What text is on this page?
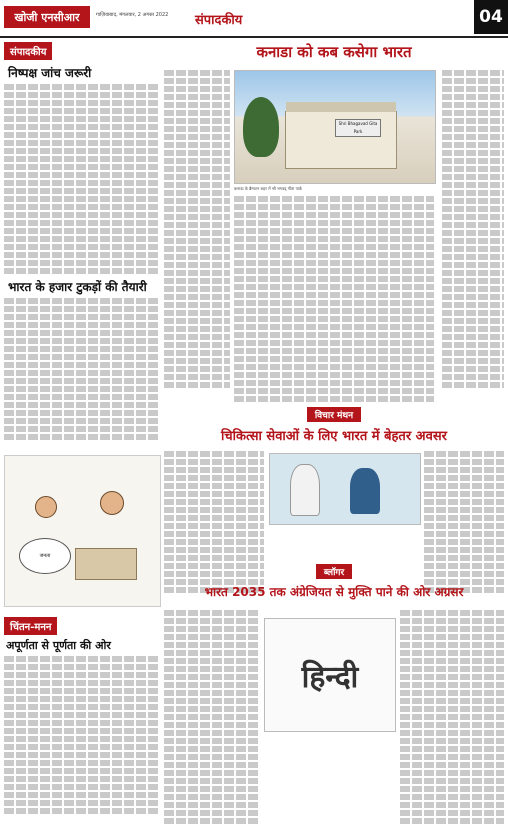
खोजी एनसीआर	गाज़ियाबाद, मंगलवार, 2 अगस्त 2022 संपादकीय	04
संपादकीय
निष्पक्ष जांच जरूरी
भारत के हजार टुकड़ों की तैयारी
जनता
चिंतन-मनन
अपूर्णता से पूर्णता की ओर
कनाडा को कब कसेगा भारत
Shri Bhagavad Gita Park
कनाडा के ब्रैम्पटन शहर में श्री भगवद् गीता पार्क
विचार मंथन
चिकित्सा सेवाओं के लिए भारत में बेहतर अवसर
ब्लॉगर
भारत 2035 तक अंग्रेजियत से मुक्ति पाने की ओर अग्रसर
हिन्दी
